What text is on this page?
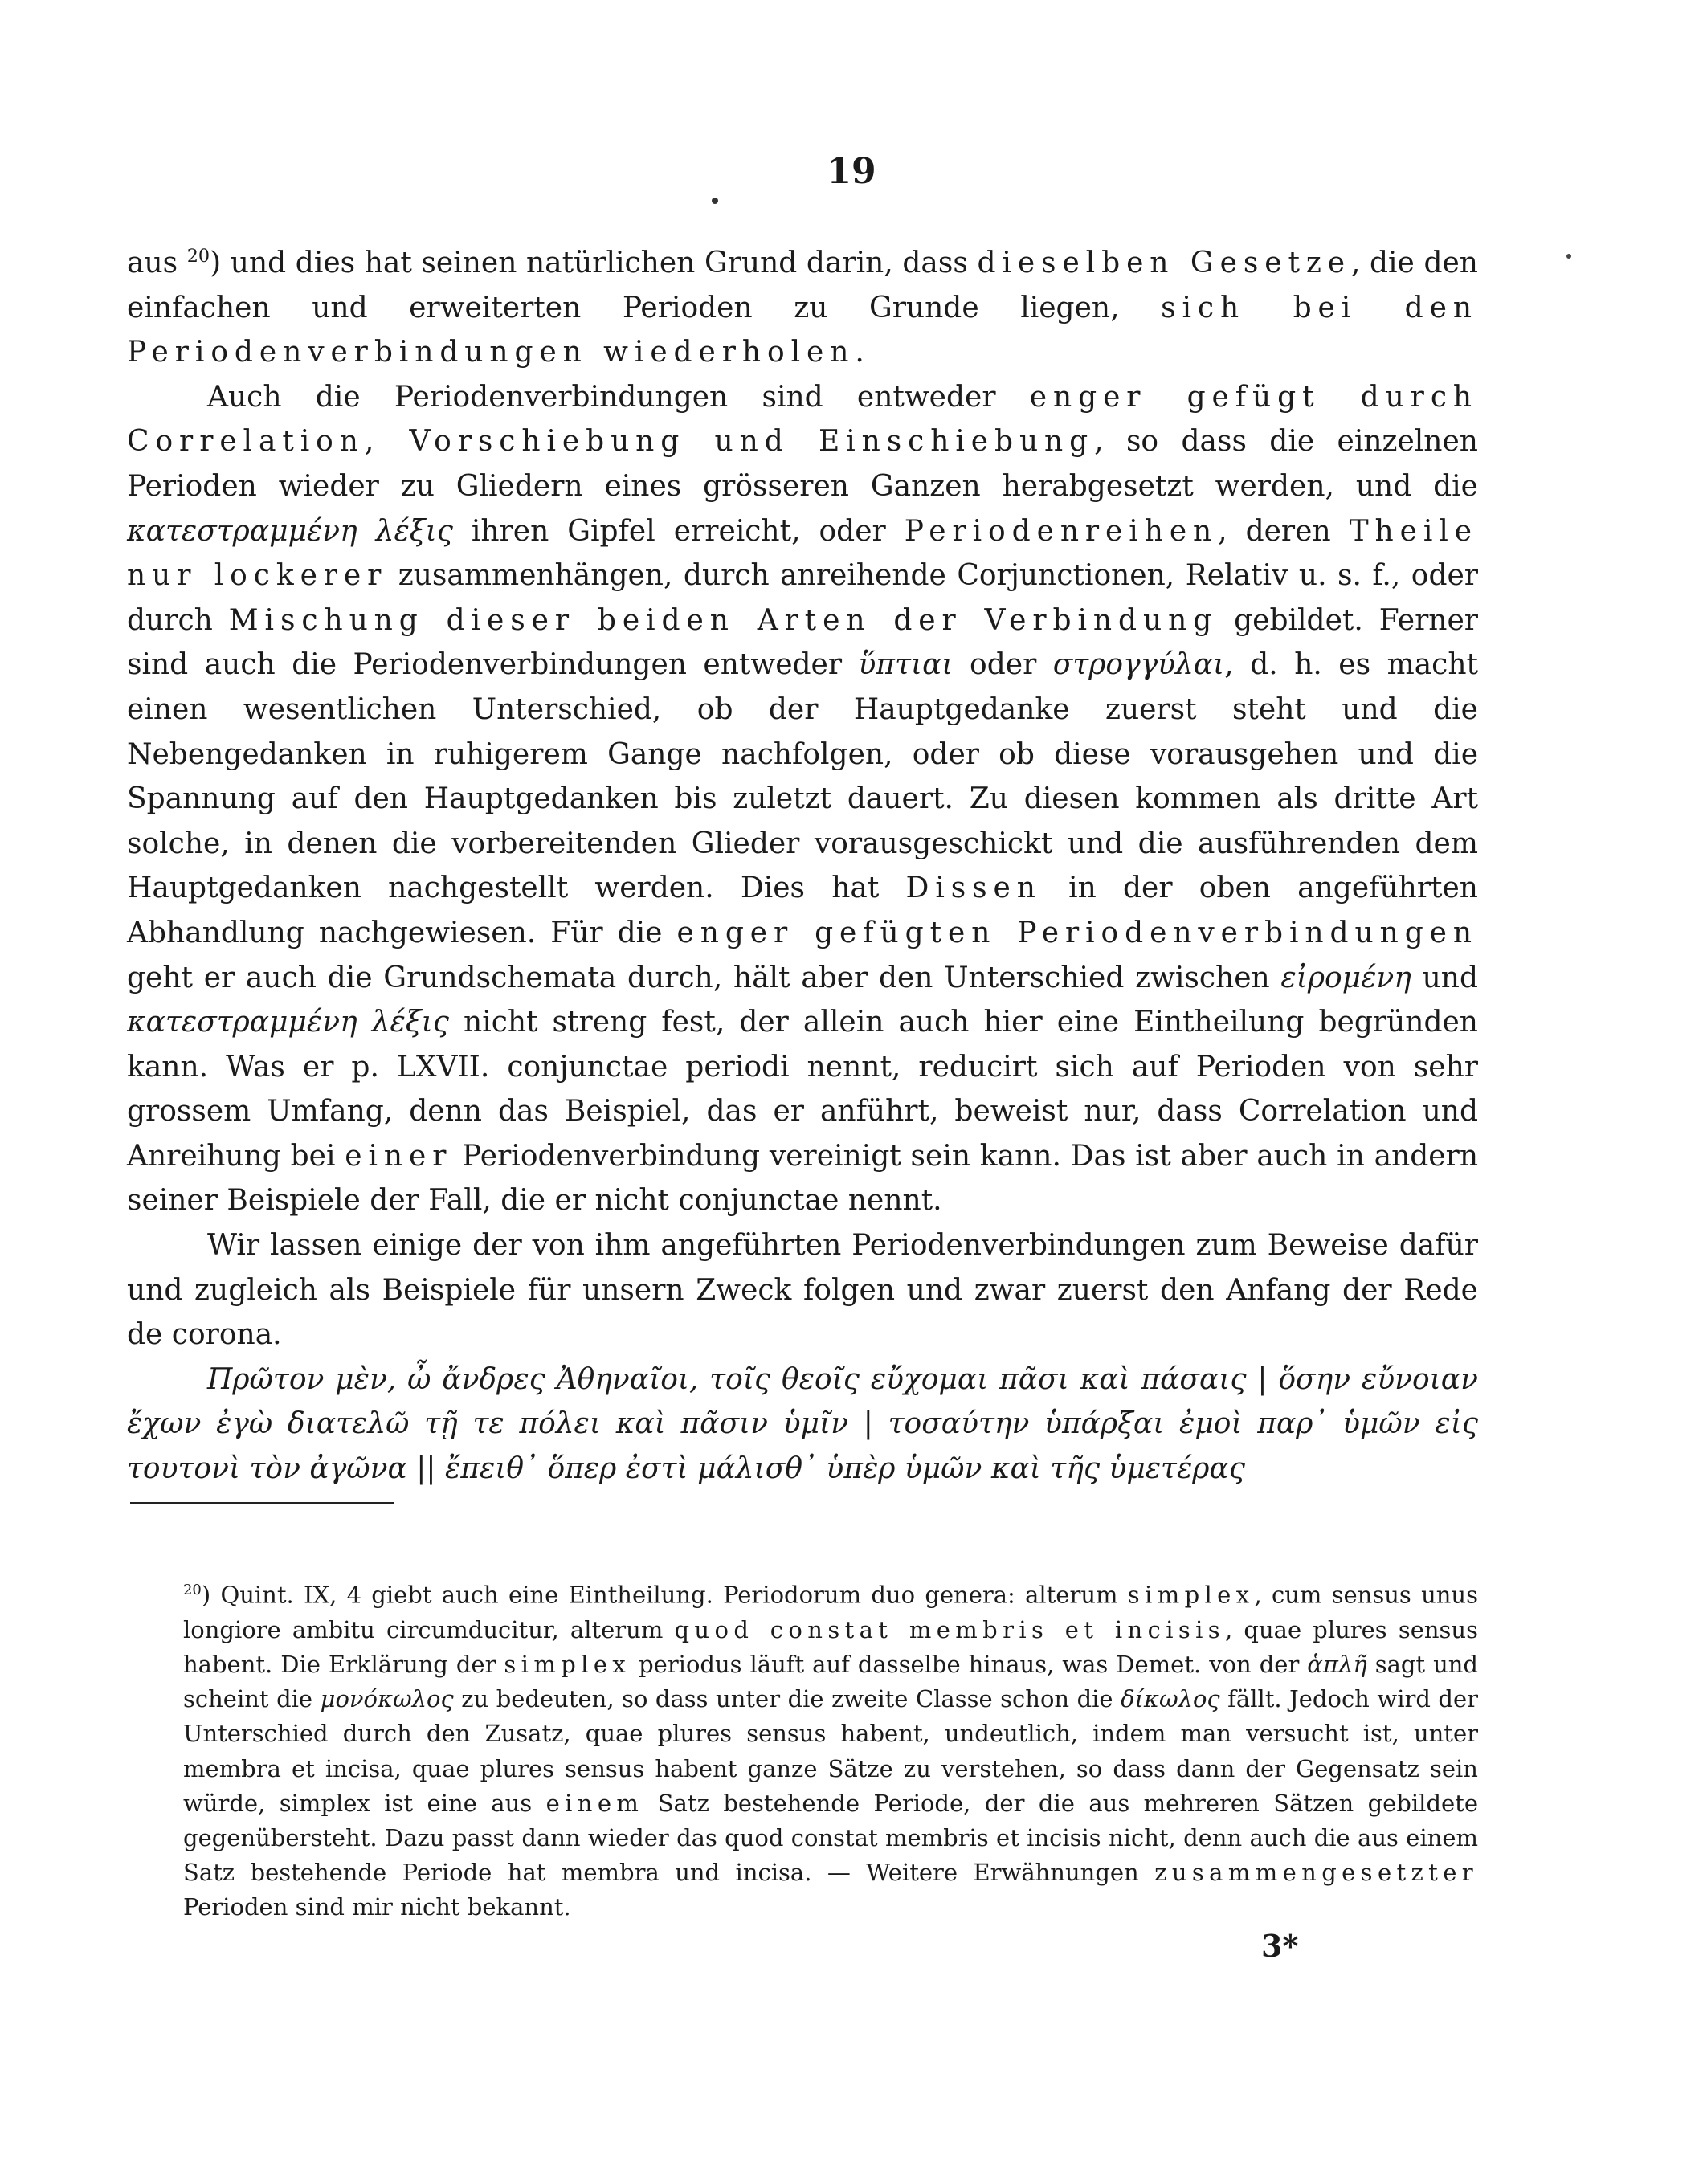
19

aus $^{20}$) und dies hat seinen natürlichen Grund darin, dass dieselben Gesetze, die den einfachen und erweiterten Perioden zu Grunde liegen, sich bei den Periodenverbindungen wiederholen.

Auch die Periodenverbindungen sind entweder enger gefügt durch Correlation, Vorschiebung und Einschiebung, so dass die einzelnen Perioden wieder zu Gliedern eines grösseren Ganzen herabgesetzt werden, und die κατεστραμμένη λέξις ihren Gipfel erreicht, oder Periodenreihen, deren Theile nur lockerer zusammenhängen, durch anreihende Corjunctionen, Relativ u. s. f., oder durch Mischung dieser beiden Arten der Verbindung gebildet. Ferner sind auch die Periodenverbindungen entweder ὕπτιαι oder στρογγύλαι, d. h. es macht einen wesentlichen Unterschied, ob der Hauptgedanke zuerst steht und die Nebengedanken in ruhigerem Gange nachfolgen, oder ob diese vorausgehen und die Spannung auf den Hauptgedanken bis zuletzt dauert. Zu diesen kommen als dritte Art solche, in denen die vorbereitenden Glieder vorausgeschickt und die ausführenden dem Hauptgedanken nachgestellt werden. Dies hat Dissen in der oben angeführten Abhandlung nachgewiesen. Für die enger gefügten Periodenverbindungen geht er auch die Grundschemata durch, hält aber den Unterschied zwischen εἰρομένη und κατεστραμμένη λέξις nicht streng fest, der allein auch hier eine Eintheilung begründen kann. Was er p. LXVII. conjunctae periodi nennt, reducirt sich auf Perioden von sehr grossem Umfang, denn das Beispiel, das er anführt, beweist nur, dass Correlation und Anreihung bei einer Periodenverbindung vereinigt sein kann. Das ist aber auch in andern seiner Beispiele der Fall, die er nicht conjunctae nennt.

Wir lassen einige der von ihm angeführten Periodenverbindungen zum Beweise dafür und zugleich als Beispiele für unsern Zweck folgen und zwar zuerst den Anfang der Rede de corona.

Πρῶτον μὲν, ὦ ἄνδρες Ἀθηναῖοι, τοῖς θεοῖς εὔχομαι πᾶσι καὶ πάσαις | ὅσην εὔνοιαν ἔχων ἐγὼ διατελῶ τῇ τε πόλει καὶ πᾶσιν ὑμῖν | τοσαύτην ὑπάρξαι ἐμοὶ παρ᾽ ὑμῶν εἰς τουτονὶ τὸν ἀγῶνα || ἔπειθ᾽ ὅπερ ἐστὶ μάλισθ᾽ ὑπὲρ ὑμῶν καὶ τῆς ὑμετέρας

$^{20}$) Quint. IX, 4 giebt auch eine Eintheilung. Periodorum duo genera: alterum simplex, cum sensus unus longiore ambitu circumducitur, alterum quod constat membris et incisis, quae plures sensus habent. Die Erklärung der simplex periodus läuft auf dasselbe hinaus, was Demet. von der ἁπλῆ sagt und scheint die μονόκωλος zu bedeuten, so dass unter die zweite Classe schon die δίκωλος fällt. Jedoch wird der Unterschied durch den Zusatz, quae plures sensus habent, undeutlich, indem man versucht ist, unter membra et incisa, quae plures sensus habent ganze Sätze zu verstehen, so dass dann der Gegensatz sein würde, simplex ist eine aus einem Satz bestehende Periode, der die aus mehreren Sätzen gebildete gegenübersteht. Dazu passt dann wieder das quod constat membris et incisis nicht, denn auch die aus einem Satz bestehende Periode hat membra und incisa. — Weitere Erwähnungen zusammengesetzter Perioden sind mir nicht bekannt.

3*
